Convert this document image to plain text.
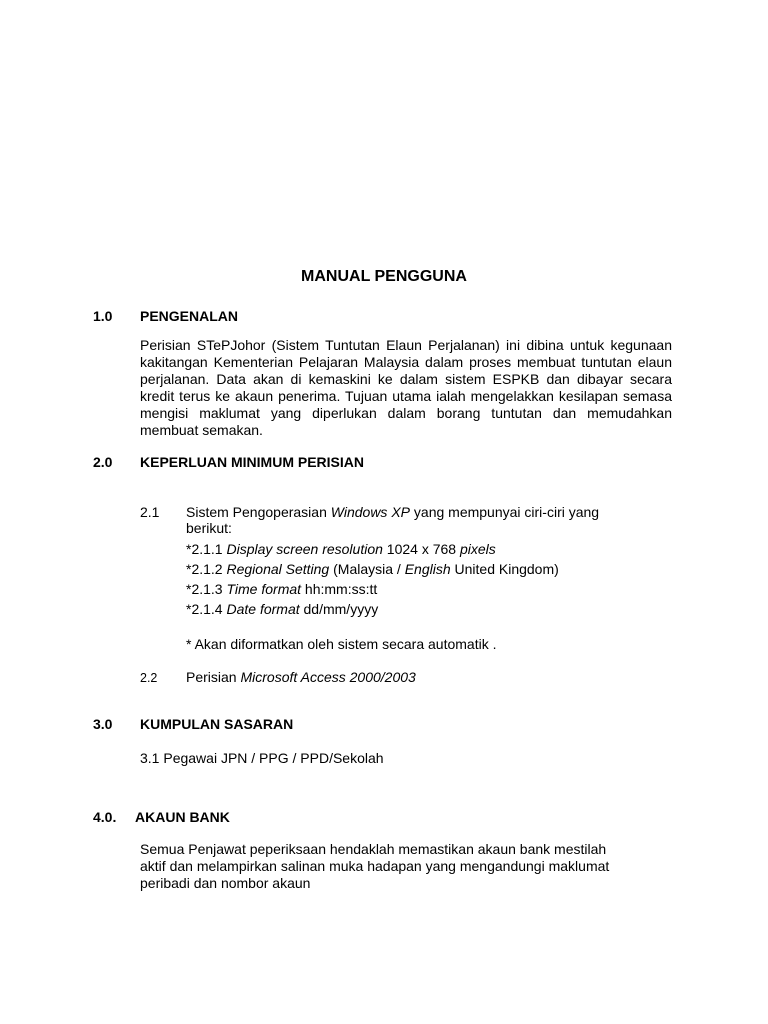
MANUAL PENGGUNA
1.0 PENGENALAN
Perisian STePJohor (Sistem Tuntutan Elaun Perjalanan) ini dibina untuk kegunaan kakitangan Kementerian Pelajaran Malaysia dalam proses membuat tuntutan elaun perjalanan. Data akan di kemaskini ke dalam sistem ESPKB dan dibayar secara kredit terus ke akaun penerima. Tujuan utama ialah mengelakkan kesilapan semasa mengisi maklumat yang diperlukan dalam borang tuntutan dan memudahkan membuat semakan.
2.0 KEPERLUAN MINIMUM PERISIAN
2.1 Sistem Pengoperasian Windows XP yang mempunyai ciri-ciri yang
berikut:
*2.1.1 Display screen resolution 1024 x 768 pixels
*2.1.2 Regional Setting (Malaysia / English United Kingdom)
*2.1.3 Time format hh:mm:ss:tt
*2.1.4 Date format dd/mm/yyyy
* Akan diformatkan oleh sistem secara automatik .
2.2 Perisian Microsoft Access 2000/2003
3.0 KUMPULAN SASARAN
3.1 Pegawai JPN / PPG / PPD/Sekolah
4.0. AKAUN BANK
Semua Penjawat peperiksaan hendaklah memastikan akaun bank mestilah
aktif dan melampirkan salinan muka hadapan yang mengandungi maklumat
peribadi dan nombor akaun
